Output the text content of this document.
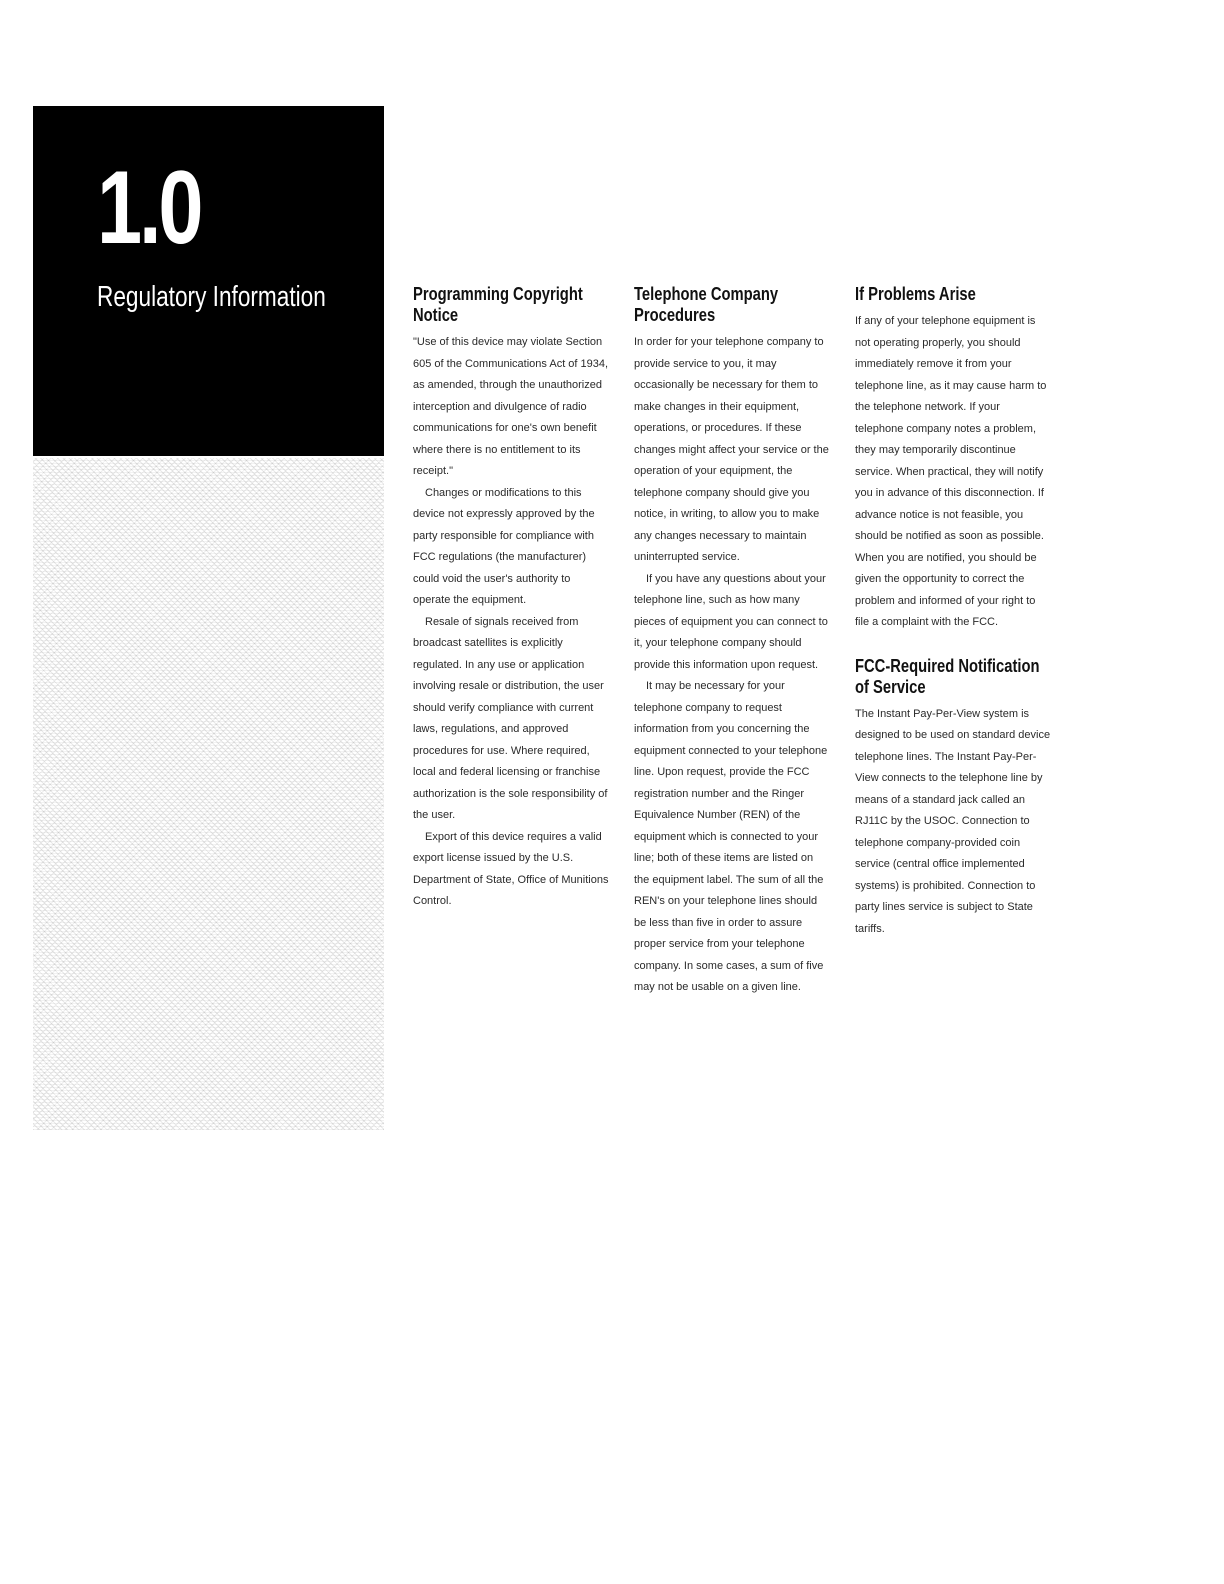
1.0
Regulatory Information	Programming Copyright Notice

"Use of this device may violate Section 605 of the Communications Act of 1934, as amended, through the unauthorized interception and divulgence of radio communications for one's own benefit where there is no entitlement to its receipt."

Changes or modifications to this device not expressly approved by the party responsible for compliance with FCC regulations (the manufacturer) could void the user's authority to operate the equipment.

Resale of signals received from broadcast satellites is explicitly regulated. In any use or application involving resale or distribution, the user should verify compliance with current laws, regulations, and approved procedures for use. Where required, local and federal licensing or franchise authorization is the sole responsibility of the user.

Export of this device requires a valid export license issued by the U.S. Department of State, Office of Munitions Control.

Telephone Company Procedures

In order for your telephone company to provide service to you, it may occasionally be necessary for them to make changes in their equipment, operations, or procedures. If these changes might affect your service or the operation of your equipment, the telephone company should give you notice, in writing, to allow you to make any changes necessary to maintain uninterrupted service.

If you have any questions about your telephone line, such as how many pieces of equipment you can connect to it, your telephone company should provide this information upon request.

It may be necessary for your telephone company to request information from you concerning the equipment connected to your telephone line. Upon request, provide the FCC registration number and the Ringer Equivalence Number (REN) of the equipment which is connected to your line; both of these items are listed on the equipment label. The sum of all the REN's on your telephone lines should be less than five in order to assure proper service from your telephone company. In some cases, a sum of five may not be usable on a given line.

If Problems Arise

If any of your telephone equipment is not operating properly, you should immediately remove it from your telephone line, as it may cause harm to the telephone network. If your telephone company notes a problem, they may temporarily discontinue service. When practical, they will notify you in advance of this disconnection. If advance notice is not feasible, you should be notified as soon as possible. When you are notified, you should be given the opportunity to correct the problem and informed of your right to file a complaint with the FCC.

FCC-Required Notification of Service

The Instant Pay-Per-View system is designed to be used on standard device telephone lines. The Instant Pay-Per-View connects to the telephone line by means of a standard jack called an RJ11C by the USOC. Connection to telephone company-provided coin service (central office implemented systems) is prohibited. Connection to party lines service is subject to State tariffs.
